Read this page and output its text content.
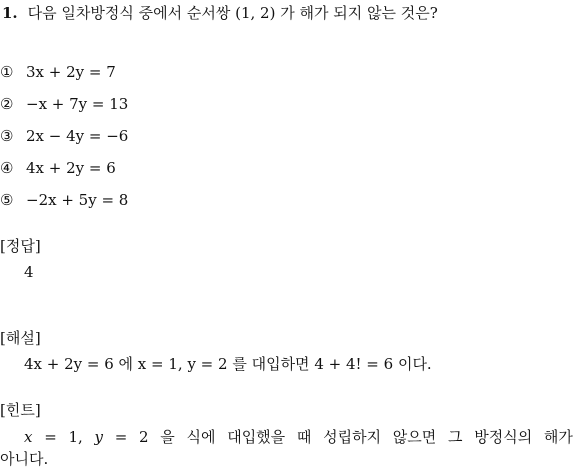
1. 다음 일차방정식 중에서 순서쌍 (1, 2) 가 해가 되지 않는 것은?
① 3x + 2y = 7
② −x + 7y = 13
③ 2x − 4y = −6
④ 4x + 2y = 6
⑤ −2x + 5y = 8
[정답]
4
[해설]
4x + 2y = 6 에 x = 1, y = 2 를 대입하면 4 + 4! = 6 이다.
[힌트]
x = 1, y = 2 을 식에 대입했을 때 성립하지 않으면 그 방정식의 해가
아니다.
